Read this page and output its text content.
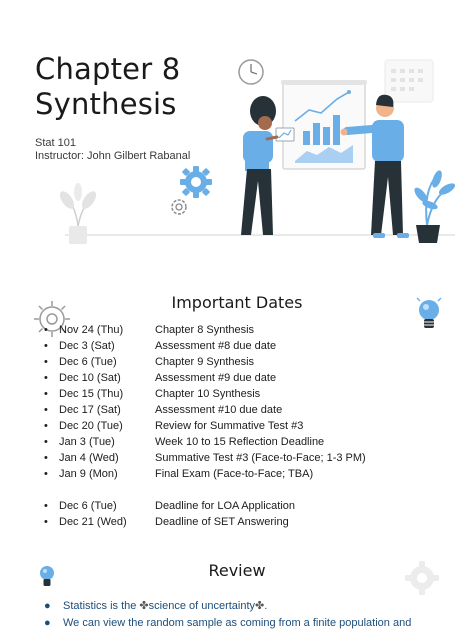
Chapter 8
Synthesis
Stat 101
Instructor: John Gilbert Rabanal
Important Dates
•	Nov 24 (Thu)	Chapter 8 Synthesis
•	Dec 3 (Sat)	Assessment #8 due date
•	Dec 6 (Tue)	Chapter 9 Synthesis
•	Dec 10 (Sat)	Assessment #9 due date
•	Dec 15 (Thu)	Chapter 10 Synthesis
•	Dec 17 (Sat)	Assessment #10 due date
•	Dec 20 (Tue)	Review for Summative Test #3
•	Jan 3 (Tue)	Week 10 to 15 Reflection Deadline
•	Jan 4 (Wed)	Summative Test #3 (Face-to-Face; 1-3 PM)
•	Jan 9 (Mon)	Final Exam (Face-to-Face; TBA)
•	Dec 6 (Tue)	Deadline for LOA Application
•	Dec 21 (Wed)	Deadline of SET Answering
Review
● Statistics is the ✤science of uncertainty✤.
● We can view the random sample as coming from a finite population and
